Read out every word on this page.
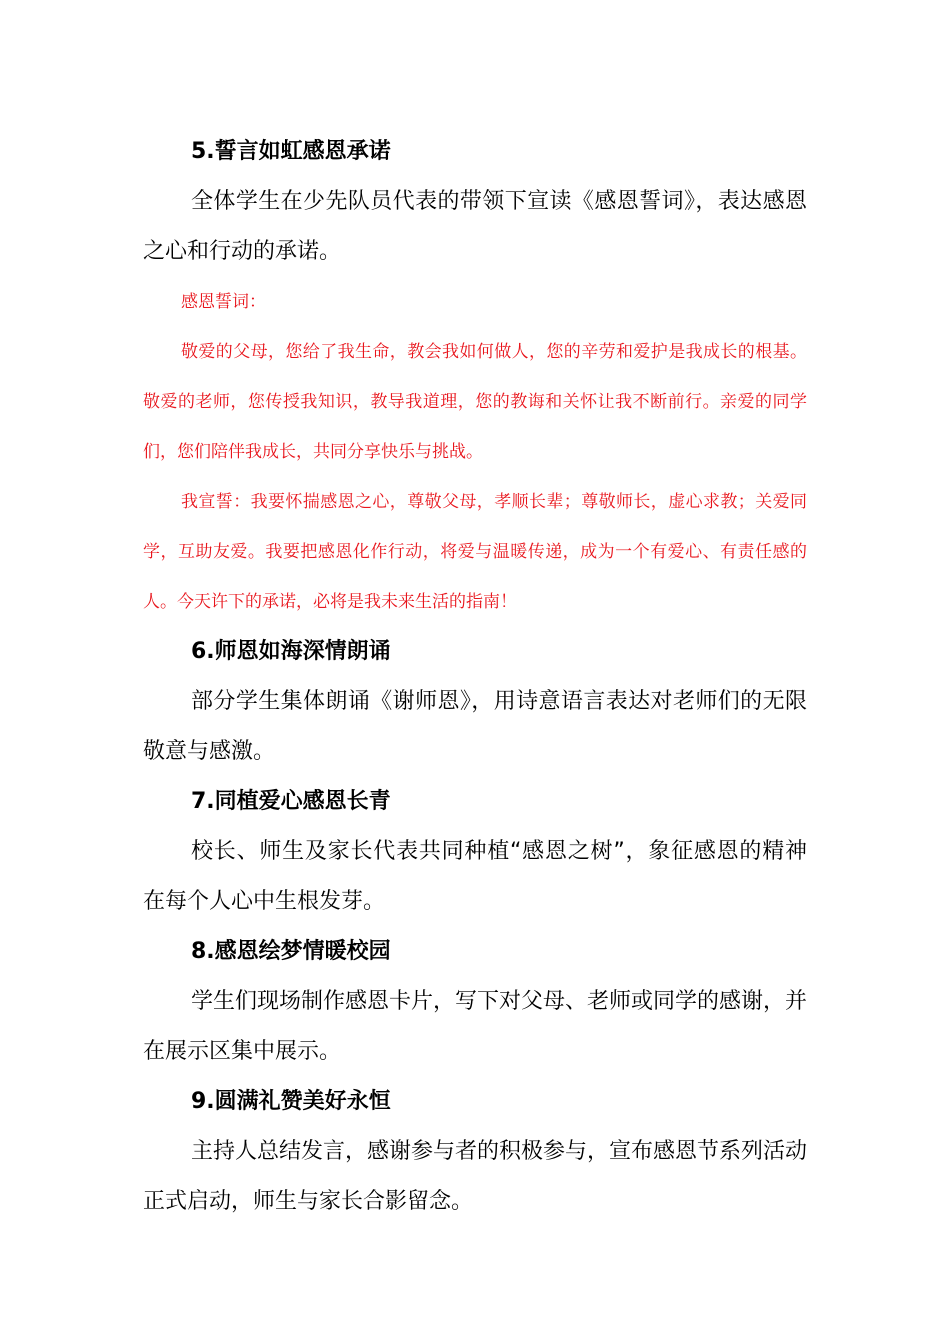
5.誓言如虹感恩承诺

全体学生在少先队员代表的带领下宣读《感恩誓词》，表达感恩之心和行动的承诺。

感恩誓词：

敬爱的父母，您给了我生命，教会我如何做人，您的辛劳和爱护是我成长的根基。敬爱的老师，您传授我知识，教导我道理，您的教诲和关怀让我不断前行。亲爱的同学们，您们陪伴我成长，共同分享快乐与挑战。

我宣誓：我要怀揣感恩之心，尊敬父母，孝顺长辈；尊敬师长，虚心求教；关爱同学，互助友爱。我要把感恩化作行动，将爱与温暖传递，成为一个有爱心、有责任感的人。今天许下的承诺，必将是我未来生活的指南！

6.师恩如海深情朗诵

部分学生集体朗诵《谢师恩》，用诗意语言表达对老师们的无限敬意与感激。

7.同植爱心感恩长青

校长、师生及家长代表共同种植“感恩之树”，象征感恩的精神在每个人心中生根发芽。

8.感恩绘梦情暖校园

学生们现场制作感恩卡片，写下对父母、老师或同学的感谢，并在展示区集中展示。

9.圆满礼赞美好永恒

主持人总结发言，感谢参与者的积极参与，宣布感恩节系列活动正式启动，师生与家长合影留念。
